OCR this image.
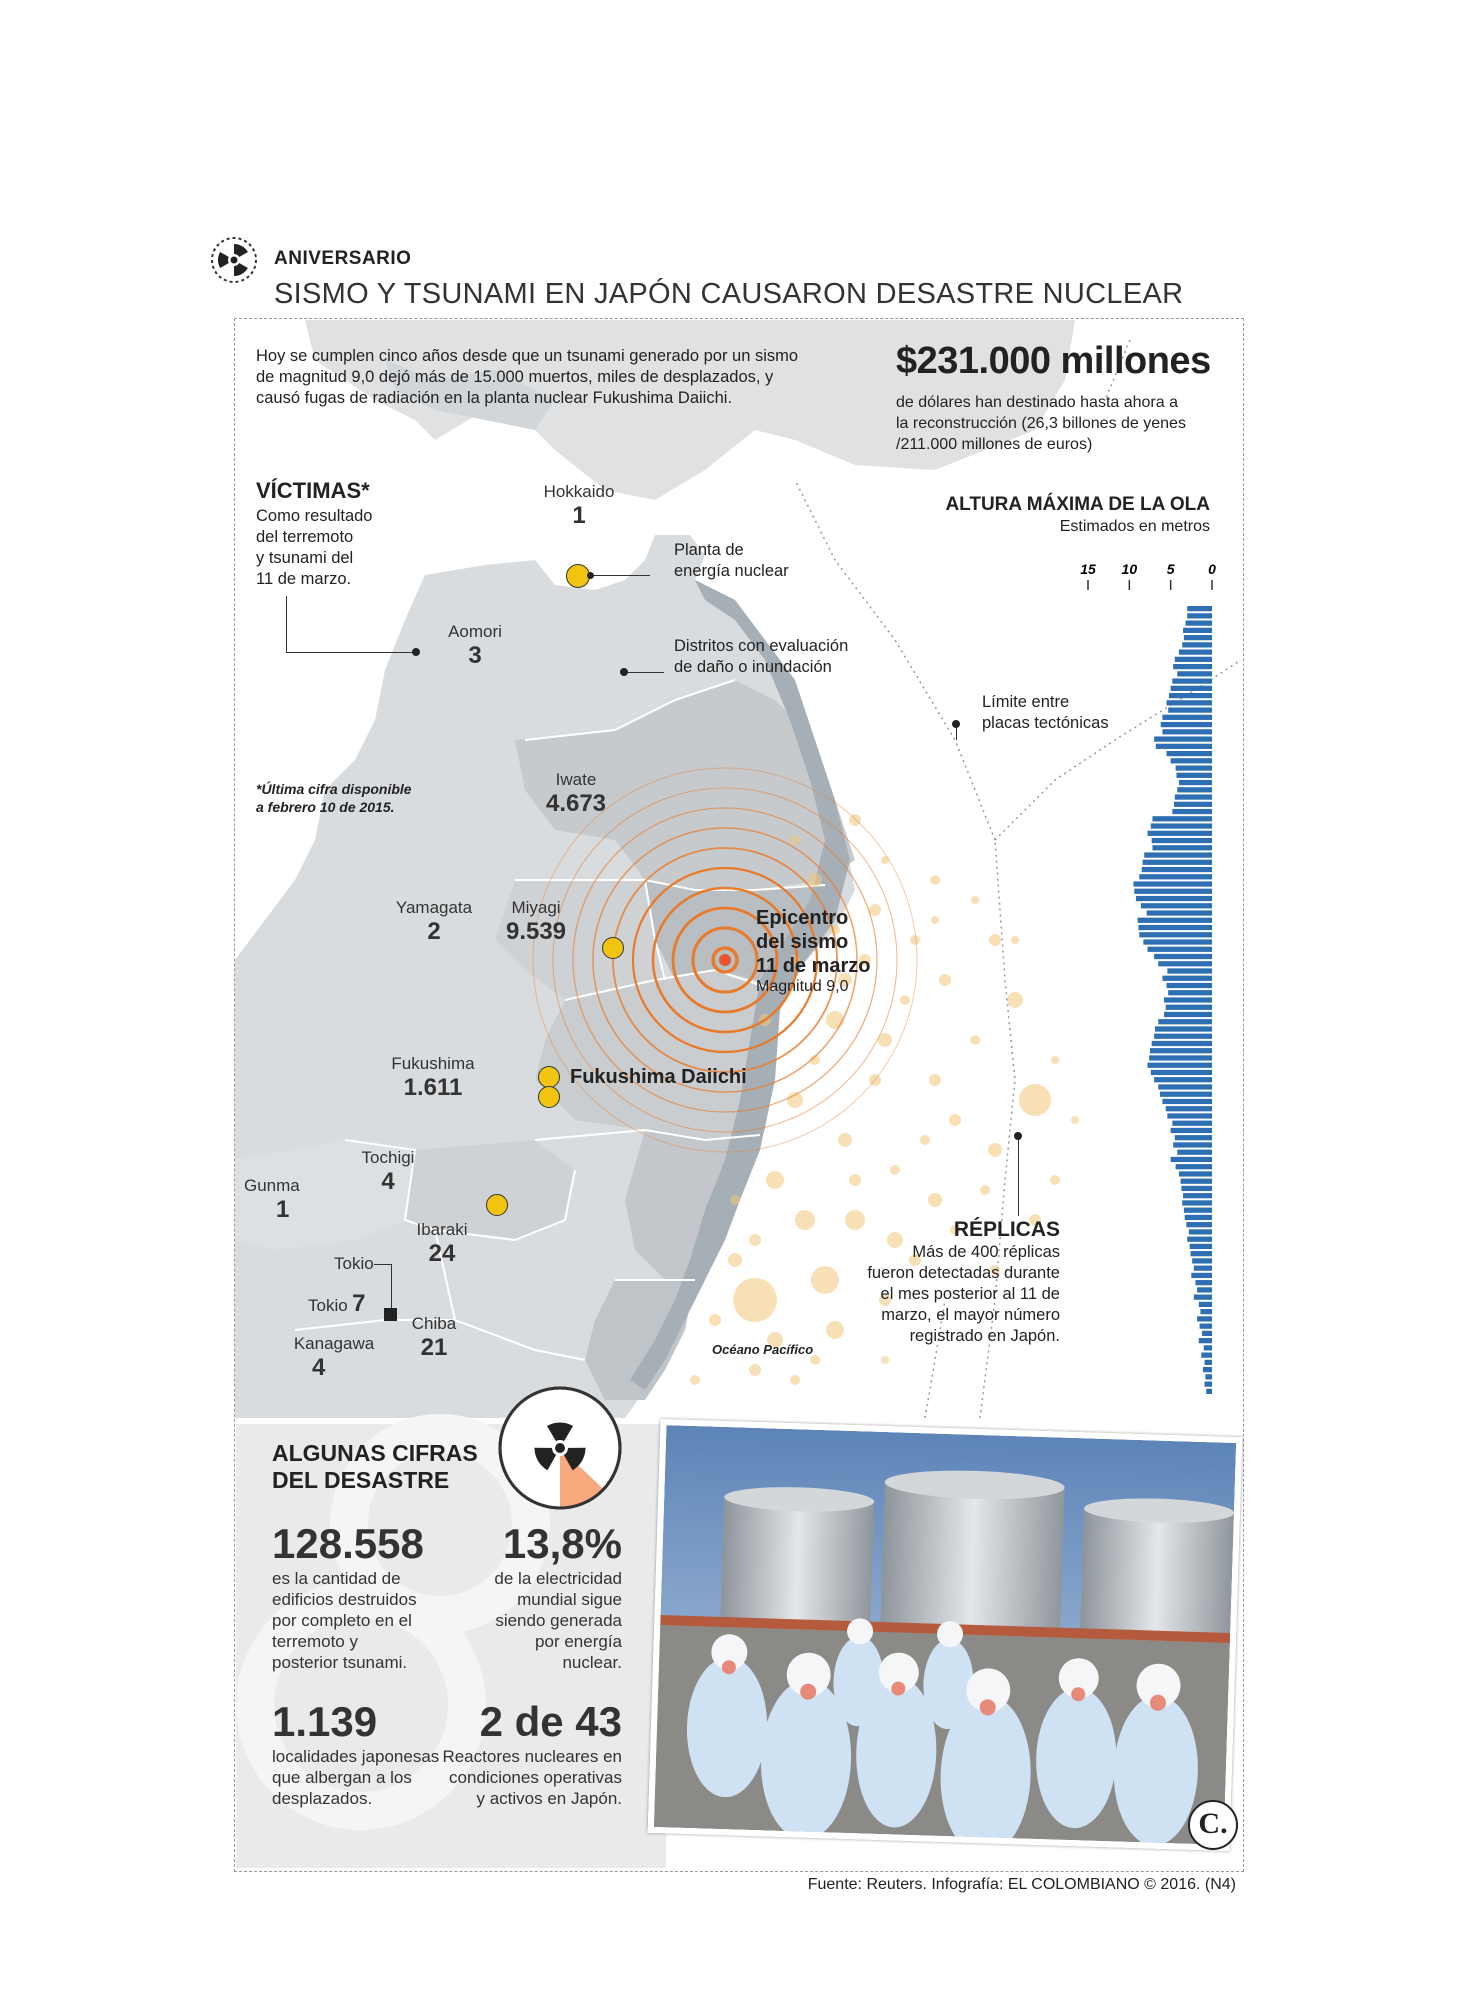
ANIVERSARIO
SISMO Y TSUNAMI EN JAPÓN CAUSARON DESASTRE NUCLEAR
Hoy se cumplen cinco años desde que un tsunami generado por un sismo
de magnitud 9,0 dejó más de 15.000 muertos, miles de desplazados, y
causó fugas de radiación en la planta nuclear Fukushima Daiichi.
$231.000 millones
de dólares han destinado hasta ahora a
la reconstrucción (26,3 billones de yenes
/211.000 millones de euros)
VÍCTIMAS*
Como resultado
del terremoto
y tsunami del
11 de marzo.
*Última cifra disponible
a febrero 10 de 2015.
Planta de
energía nuclear
Distritos con evaluación
de daño o inundación
Límite entre
placas tectónicas
Hokkaido
1
Aomori
3
Iwate
4.673
Yamagata
2
Miyagi
9.539
Fukushima
1.611
Tochigi
4
Gunma
1
Ibaraki
24
Tokio
Tokio 7
Kanagawa
4
Chiba
21
Fukushima Daiichi
Epicentro
del sismo
11 de marzo
Magnitud 9,0
Océano Pacífico
RÉPLICAS
Más de 400 réplicas
fueron detectadas durante
el mes posterior al 11 de
marzo, el mayor número
registrado en Japón.
ALTURA MÁXIMA DE LA OLA
Estimados en metros
15 10 5 0
ALGUNAS CIFRAS
DEL DESASTRE
128.558
es la cantidad de
edificios destruidos
por completo en el
terremoto y
posterior tsunami.
13,8%
de la electricidad
mundial sigue
siendo generada
por energía
nuclear.
1.139
localidades japonesas
que albergan a los
desplazados.
2 de 43
Reactores nucleares en
condiciones operativas
y activos en Japón.
C.
Fuente: Reuters. Infografía: EL COLOMBIANO © 2016. (N4)
